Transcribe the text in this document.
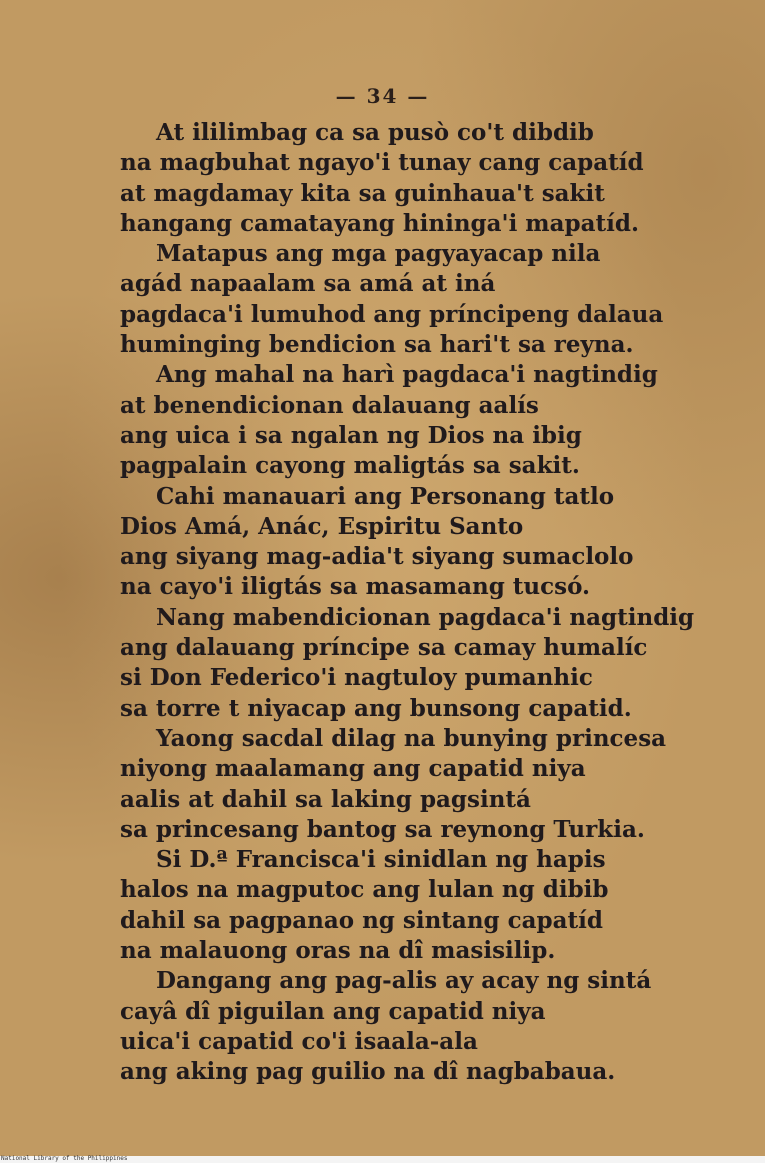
— 34 —
At ililimbag ca sa pusò co't dibdib
na magbuhat ngayo'i tunay cang capatíd
at magdamay kita sa guinhaua't sakit
hangang camatayang hininga'i mapatíd.
Matapus ang mga pagyayacap nila
agád napaalam sa amá at iná
pagdaca'i lumuhod ang príncipeng dalaua
huminging bendicion sa hari't sa reyna.
Ang mahal na harì pagdaca'i nagtindig
at benendicionan dalauang aalís
ang uica i sa ngalan ng Dios na ibig
pagpalain cayong maligtás sa sakit.
Cahi manauari ang Personang tatlo
Dios Amá, Anác, Espiritu Santo
ang siyang mag-adia't siyang sumaclolo
na cayo'i iligtás sa masamang tucsó.
Nang mabendicionan pagdaca'i nagtindig
ang dalauang príncipe sa camay humalíc
si Don Federico'i nagtuloy pumanhic
sa torre t niyacap ang bunsong capatid.
Yaong sacdal dilag na bunying princesa
niyong maalamang ang capatid niya
aalis at dahil sa laking pagsintá
sa princesang bantog sa reynong Turkia.
Si D.ª Francisca'i sinidlan ng hapis
halos na magputoc ang lulan ng dibib
dahil sa pagpanao ng sintang capatíd
na malauong oras na dî masisilip.
Dangang ang pag-alis ay acay ng sintá
cayâ dî piguilan ang capatid niya
uica'i capatid co'i isaala-ala
ang aking pag guilio na dî nagbabaua.
National Library of the Philippines
